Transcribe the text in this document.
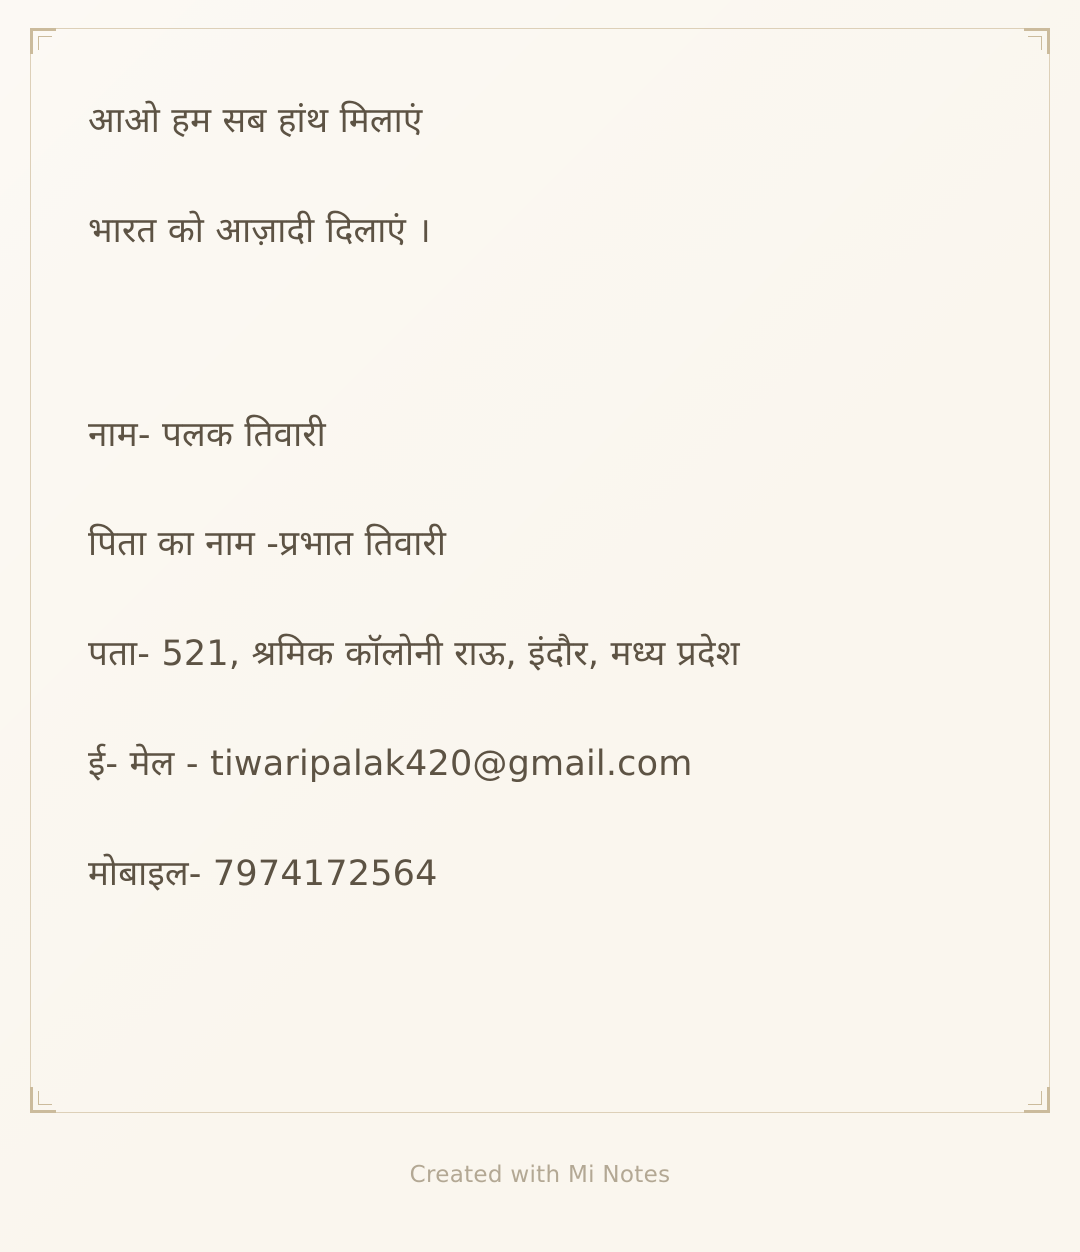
आओ हम सब हांथ मिलाएं

भारत को आज़ादी दिलाएं ।

नाम- पलक तिवारी

पिता का नाम -प्रभात तिवारी

पता- 521, श्रमिक कॉलोनी राऊ, इंदौर, मध्य प्रदेश

ई- मेल - tiwaripalak420@gmail.com

मोबाइल- 7974172564

Created with Mi Notes
